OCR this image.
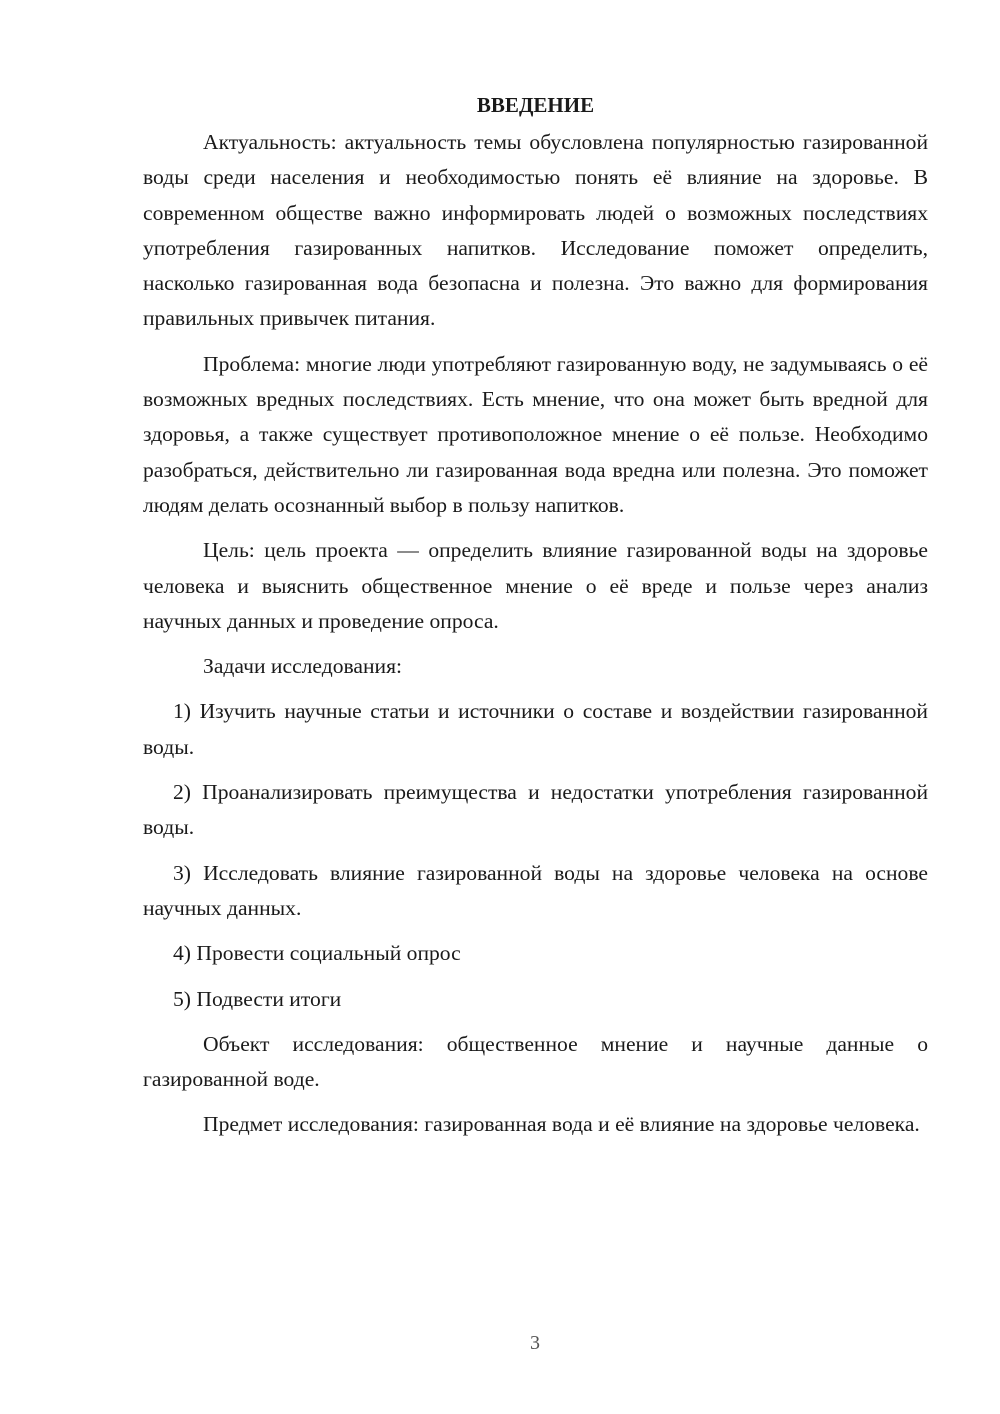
ВВЕДЕНИЕ

Актуальность: актуальность темы обусловлена популярностью газированной воды среди населения и необходимостью понять её влияние на здоровье. В современном обществе важно информировать людей о возможных последствиях употребления газированных напитков. Исследование поможет определить, насколько газированная вода безопасна и полезна. Это важно для формирования правильных привычек питания.

Проблема: многие люди употребляют газированную воду, не задумываясь о её возможных вредных последствиях. Есть мнение, что она может быть вредной для здоровья, а также существует противоположное мнение о её пользе. Необходимо разобраться, действительно ли газированная вода вредна или полезна. Это поможет людям делать осознанный выбор в пользу напитков.

Цель: цель проекта — определить влияние газированной воды на здоровье человека и выяснить общественное мнение о её вреде и пользе через анализ научных данных и проведение опроса.

Задачи исследования:

1) Изучить научные статьи и источники о составе и воздействии газированной воды.

2) Проанализировать преимущества и недостатки употребления газированной воды.

3) Исследовать влияние газированной воды на здоровье человека на основе научных данных.

4) Провести социальный опрос

5) Подвести итоги

Объект исследования: общественное мнение и научные данные о газированной воде.

Предмет исследования: газированная вода и её влияние на здоровье человека.

3
